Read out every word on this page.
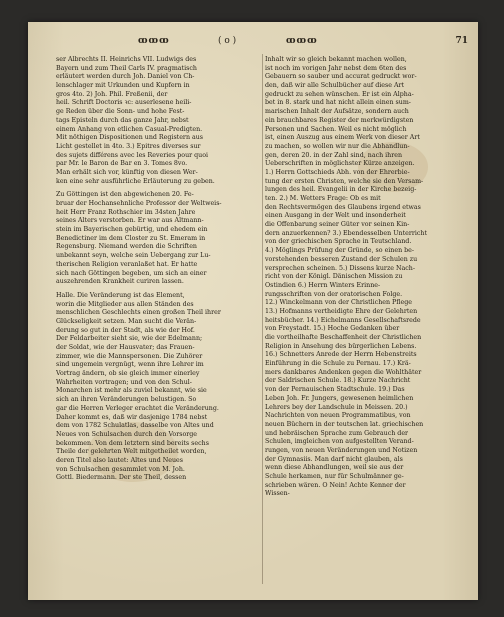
ꝏꝏꝏ	( o )	ꝏꝏꝏ	71
ser Albrechts II. Heinrichs VII. Ludwigs des
Bayern und zum Theil Carls IV. pragmatisch
erläutert werden durch Joh. Daniel von Ch-
lenschlager mit Urkunden und Kupfern in
gros 4to. 2) Joh. Phil. Freßenii, der
heil. Schrift Doctoris ꝛc: auserlesene heili-
ge Reden über die Sonn- und hohe Fest-
tags Episteln durch das ganze Jahr, nebst
einem Anhang von etlichen Casual-Predigten.
Mit nöthigen Dispositionen und Registern aus
Licht gestellet in 4to. 3.) Epitres diverses sur
des sujets différens avec les Reveries pour quoi
par Mr. le Baron de Bar en 3. Tomes 8vo.
Man erhält sich vor, künftig von diesen Wer-
ken eine sehr ausführliche Erläuterung zu geben.
Zu Göttingen ist den abgewichenen 20. Fe-
bruar der Hochansehnliche Professor der Weltweis-
heit Herr Franz Rothschier im 34sten Jahre
seines Alters verstorben. Er war aus Altmann-
stein im Bayerischen gebürtig, und ehedem ein
Benedictiner im dem Closter zu St. Emeram in
Regensburg. Niemand werden die Schriften
unbekannt seyn, welche sein Uebergang zur Lu-
therischen Religion veranlaßet hat. Er hatte
sich nach Göttingen begeben, um sich an einer
auszehrenden Krankheit curiren lassen.
Halle. Die Veränderung ist das Element,
worin die Mitglieder aus allen Ständen des
menschlichen Geschlechts einen großen Theil ihrer
Glückseligkeit setzen. Man sucht die Verän-
derung so gut in der Stadt, als wie der Hof.
Der Feldarbeiter sieht sie, wie der Edelmann;
der Soldat, wie der Hausvater; das Frauen-
zimmer, wie die Mannspersonen. Die Zuhörer
sind ungemein vergnügt, wenn ihre Lehrer im
Vortrag ändern, ob sie gleich immer einerley
Wahrheiten vortragen; und von den Schul-
Monarchen ist mehr als zuviel bekannt, wie sie
sich an ihren Veränderungen belustigen. So
gar die Herren Verleger erachtet die Veränderung.
Daher kommt es, daß wir dasjenige 1784 nebst
dem von 1782 Schulatlas, dasselbe von Altes und
Neues von Schulsachen durch den Vorsorge
bekommen. Von dem letztern sind bereits sechs
Theile der gelehrten Welt mitgetheilet worden,
deren Titel also lautet: Altes und Neues
von Schulsachen gesammlet von M. Joh.
Gottl. Biedermann. Der ste Theil, dessen
Inhalt wir so gleich bekannt machen wollen,
ist noch im vorigen Jahr nebst dem 6ten des
Gebauern so sauber und accurat gedruckt wor-
den, daß wir alle Schulbücher auf diese Art
gedruckt zu sehen wünschen. Er ist ein Alpha-
bet in 8. stark und hat nicht allein einen sum-
marischen Inhalt der Aufsätze, sondern auch
ein brauchbares Register der merkwürdigsten
Personen und Sachen. Weil es nicht möglich
ist, einen Auszug aus einem Werk von dieser Art
zu machen, so wollen wir nur die Abhandlun-
gen, deren 20. in der Zahl sind, nach ihren
Ueberschriften in möglichster Kürze anzeigen.
1.) Herrn Gottschieds Abh. von der Ehrerbie-
tung der ersten Christen, welche sie den Versam-
lungen des heil. Evangelii in der Kirche bezeig-
ten. 2.) M. Wetters Frage: Ob es mit
den Rechtsvermögen des Glaubens irgend etwas
einen Ausgang in der Welt und insonderheit
die Offenbarung seiner Güter vor seinen Kin-
dern anzuerkennen? 3.) Ebendesselben Unterricht
von der griechischen Sprache in Teutschland.
4.) Möglings Prüfung der Gründe, so einen be-
vorstehenden besseren Zustand der Schulen zu
versprechen scheinen. 5.) Dissens kurze Nach-
richt von der Königl. Dänischen Mission zu
Ostindien 6.) Herrn Winters Erinne-
rungsschriften von der oratorischen Folge.
12.) Winckelmann von der Christlichen Pflege
13.) Hofmanns vertheidigte Ehre der Gelehrten
heitsbücher. 14.) Eichelmanns Gesellschaftsrede
von Freystadt. 15.) Hoche Gedanken über
die vortheilhafte Beschaffenheit der Christlichen
Religion in Ansehung des bürgerlichen Lebens.
16.) Schnetters Anrede der Herrn Hebenstreits
Einführung in die Schule zu Pernau. 17.) Krä-
mers dankbares Andenken gegen die Wohlthäter
der Saldrischen Schule. 18.) Kurze Nachricht
von der Pernauischen Stadtschule. 19.) Das
Leben Joh. Fr. Jungers, gewesenen heimlichen
Lehrers bey der Landschule in Meissen. 20.)
Nachrichten von neuen Programmatibus, von
neuen Büchern in der teutschen lat. griechischen
und hebräischen Sprache zum Gebrauch der
Schulen, imgleichen von aufgestellten Verand-
rungen, von neuen Veränderungen und Notizen
der Gymnasiis. Man darf nicht glauben, als
wenn diese Abhandlungen, weil sie aus der
Schule herkamen, nur für Schulmänner ge-
schrieben wären. O Nein! Achte Kenner der
Wissen-
